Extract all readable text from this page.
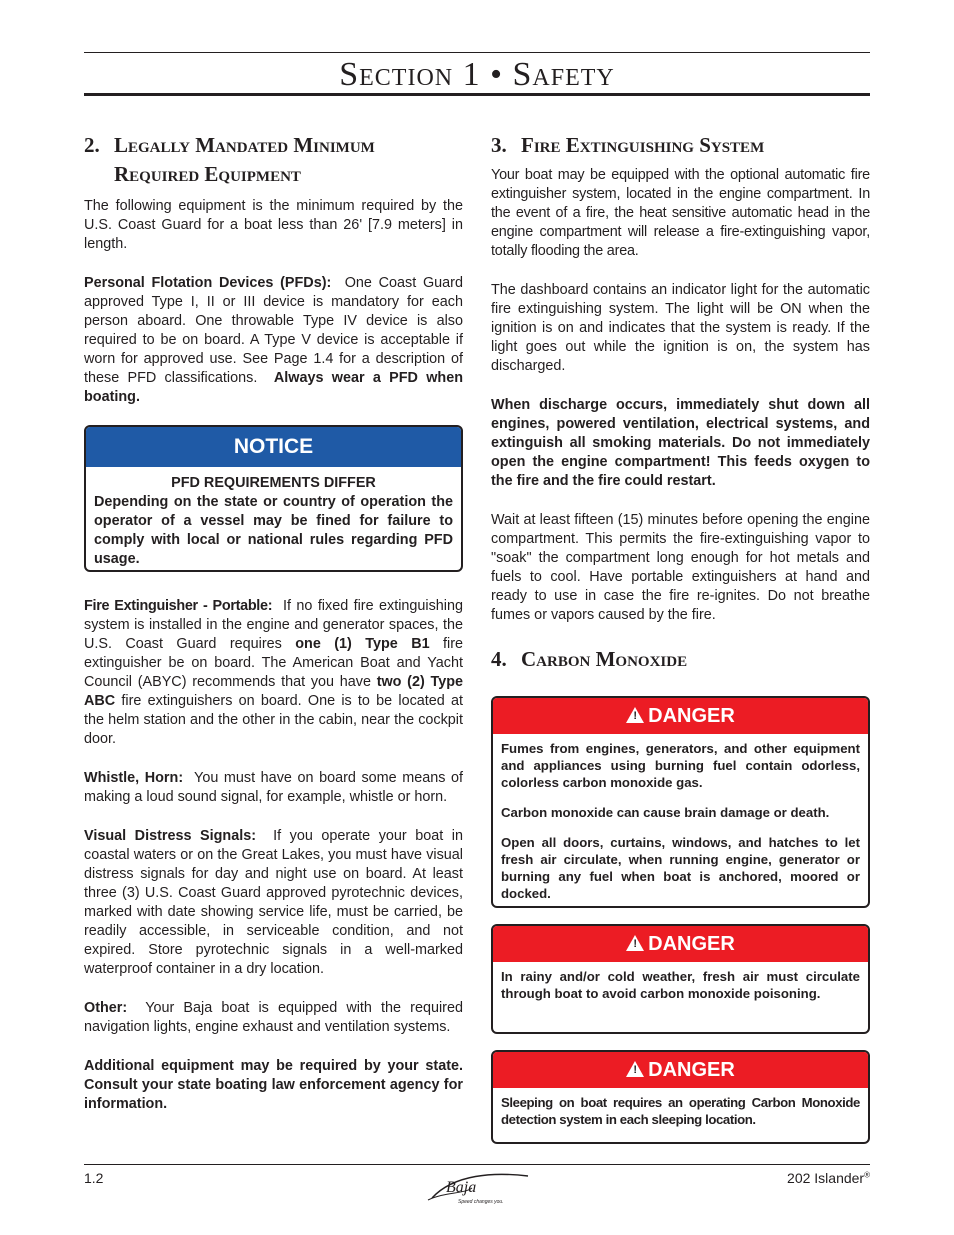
Section 1 • Safety
2. Legally Mandated Minimum
Required Equipment

The following equipment is the minimum required by the U.S. Coast Guard for a boat less than 26' [7.9 meters] in length.

Personal Flotation Devices (PFDs): One Coast Guard approved Type I, II or III device is mandatory for each person aboard. One throwable Type IV device is also required to be on board. A Type V device is acceptable if worn for approved use. See Page 1.4 for a description of these PFD classifications. Always wear a PFD when boating.

NOTICE
PFD REQUIREMENTS DIFFER
Depending on the state or country of operation the operator of a vessel may be fined for failure to comply with local or national rules regarding PFD usage.

Fire Extinguisher - Portable: If no fixed fire extinguishing system is installed in the engine and generator spaces, the U.S. Coast Guard requires one (1) Type B1 fire extinguisher be on board. The American Boat and Yacht Council (ABYC) recommends that you have two (2) Type ABC fire extinguishers on board. One is to be located at the helm station and the other in the cabin, near the cockpit door.

Whistle, Horn: You must have on board some means of making a loud sound signal, for example, whistle or horn.

Visual Distress Signals: If you operate your boat in coastal waters or on the Great Lakes, you must have visual distress signals for day and night use on board. At least three (3) U.S. Coast Guard approved pyrotechnic devices, marked with date showing service life, must be carried, be readily accessible, in serviceable condition, and not expired. Store pyrotechnic signals in a well-marked waterproof container in a dry location.

Other: Your Baja boat is equipped with the required navigation lights, engine exhaust and ventilation systems.

Additional equipment may be required by your state. Consult your state boating law enforcement agency for information.

3. Fire Extinguishing System

Your boat may be equipped with the optional automatic fire extinguisher system, located in the engine compartment. In the event of a fire, the heat sensitive automatic head in the engine compartment will release a fire-extinguishing vapor, totally flooding the area.

The dashboard contains an indicator light for the automatic fire extinguishing system. The light will be ON when the ignition is on and indicates that the system is ready. If the light goes out while the ignition is on, the system has discharged.

When discharge occurs, immediately shut down all engines, powered ventilation, electrical systems, and extinguish all smoking materials. Do not immediately open the engine compartment! This feeds oxygen to the fire and the fire could restart.

Wait at least fifteen (15) minutes before opening the engine compartment. This permits the fire-extinguishing vapor to "soak" the compartment long enough for hot metals and fuels to cool. Have portable extinguishers at hand and ready to use in case the fire re-ignites. Do not breathe fumes or vapors caused by the fire.

4. Carbon Monoxide
! DANGER

Fumes from engines, generators, and other equipment and appliances using burning fuel contain odorless, colorless carbon monoxide gas.

Carbon monoxide can cause brain damage or death.

Open all doors, curtains, windows, and hatches to let fresh air circulate, when running engine, generator or burning any fuel when boat is anchored, moored or docked.

! DANGER

In rainy and/or cold weather, fresh air must circulate through boat to avoid carbon monoxide poisoning.

! DANGER

Sleeping on boat requires an operating Carbon Monoxide detection system in each sleeping location.

1.2	202 Islander®
Baja
Speed changes you.
